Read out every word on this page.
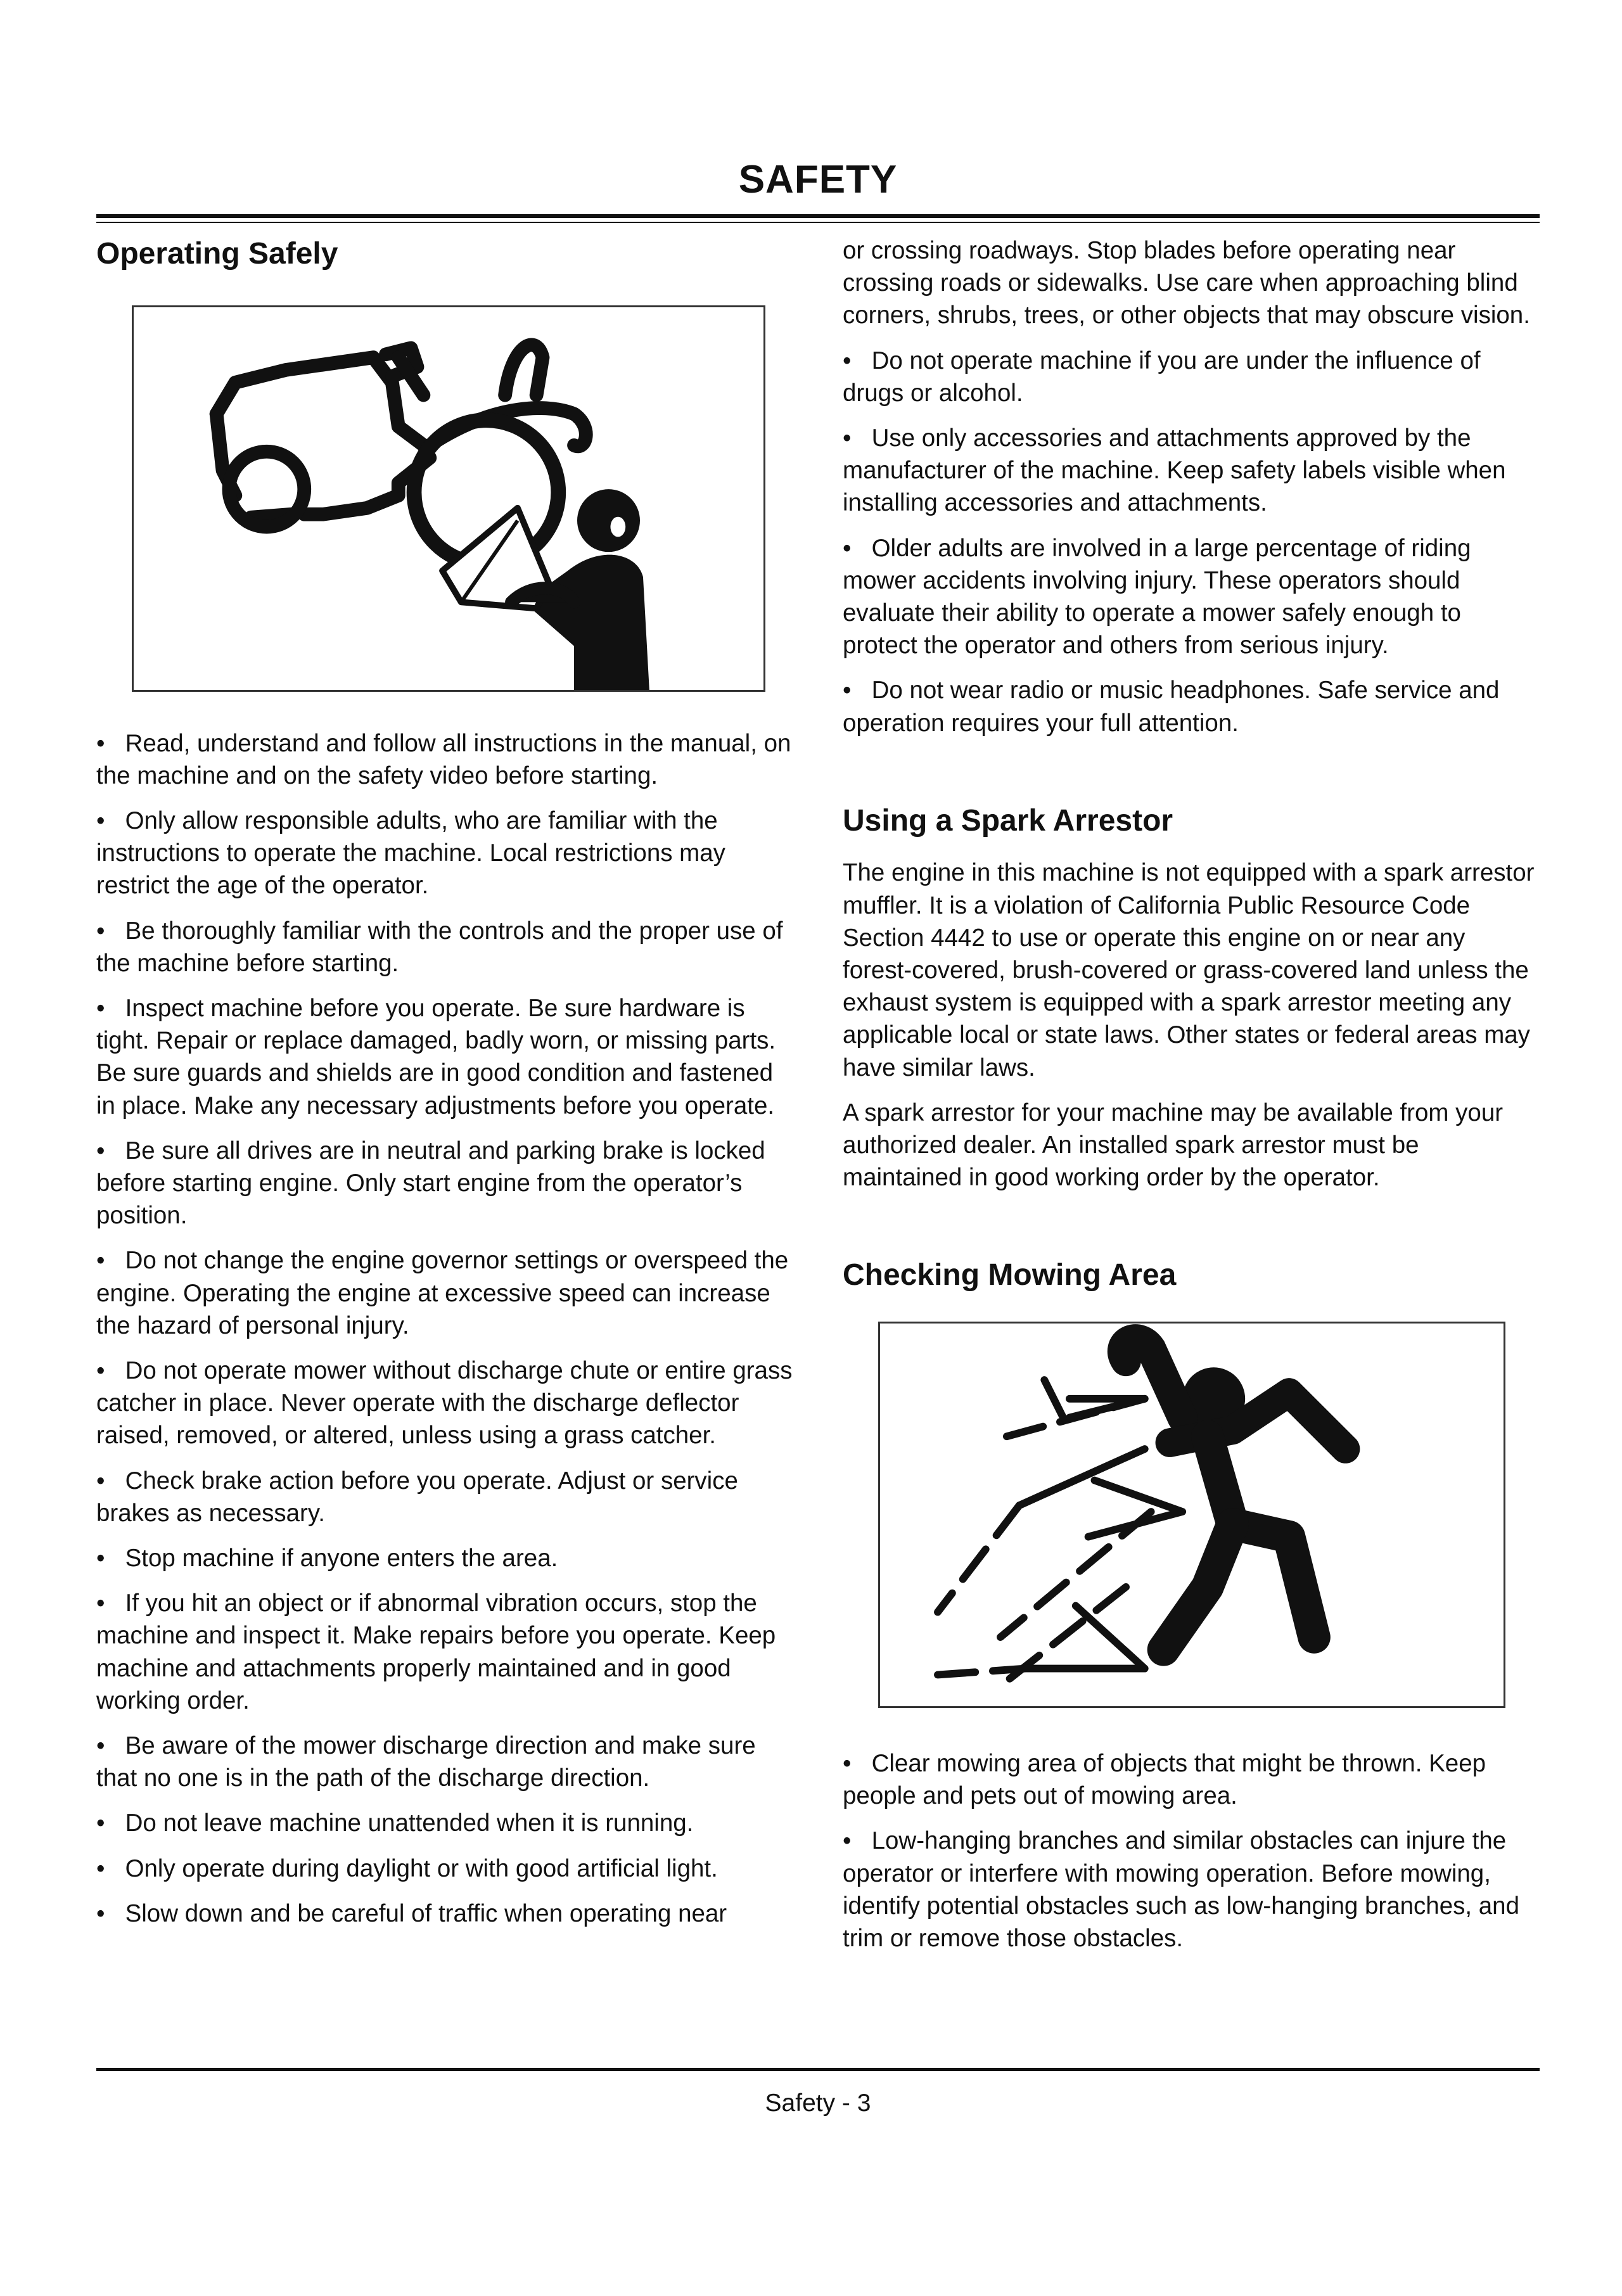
SAFETY
Operating Safely

•   Read, understand and follow all instructions in the manual, on the machine and on the safety video before starting.

•   Only allow responsible adults, who are familiar with the instructions to operate the machine. Local restrictions may restrict the age of the operator.

•   Be thoroughly familiar with the controls and the proper use of the machine before starting.

•   Inspect machine before you operate. Be sure hardware is tight. Repair or replace damaged, badly worn, or missing parts. Be sure guards and shields are in good condition and fastened in place. Make any necessary adjustments before you operate.

•   Be sure all drives are in neutral and parking brake is locked before starting engine. Only start engine from the operator’s position.

•   Do not change the engine governor settings or overspeed the engine. Operating the engine at excessive speed can increase the hazard of personal injury.

•   Do not operate mower without discharge chute or entire grass catcher in place. Never operate with the discharge deflector raised, removed, or altered, unless using a grass catcher.

•   Check brake action before you operate. Adjust or service brakes as necessary.

•   Stop machine if anyone enters the area.

•   If you hit an object or if abnormal vibration occurs, stop the machine and inspect it. Make repairs before you operate. Keep machine and attachments properly maintained and in good working order.

•   Be aware of the mower discharge direction and make sure that no one is in the path of the discharge direction.

•   Do not leave machine unattended when it is running.

•   Only operate during daylight or with good artificial light.

•   Slow down and be careful of traffic when operating near

or crossing roadways. Stop blades before operating near crossing roads or sidewalks. Use care when approaching blind corners, shrubs, trees, or other objects that may obscure vision.

•   Do not operate machine if you are under the influence of drugs or alcohol.

•   Use only accessories and attachments approved by the manufacturer of the machine. Keep safety labels visible when installing accessories and attachments.

•   Older adults are involved in a large percentage of riding mower accidents involving injury. These operators should evaluate their ability to operate a mower safely enough to protect the operator and others from serious injury.

•   Do not wear radio or music headphones. Safe service and operation requires your full attention.

Using a Spark Arrestor

The engine in this machine is not equipped with a spark arrestor muffler. It is a violation of California Public Resource Code Section 4442 to use or operate this engine on or near any forest-covered, brush-covered or grass-covered land unless the exhaust system is equipped with a spark arrestor meeting any applicable local or state laws. Other states or federal areas may have similar laws.

A spark arrestor for your machine may be available from your authorized dealer. An installed spark arrestor must be maintained in good working order by the operator.

Checking Mowing Area

•   Clear mowing area of objects that might be thrown. Keep people and pets out of mowing area.

•   Low-hanging branches and similar obstacles can injure the operator or interfere with mowing operation. Before mowing, identify potential obstacles such as low-hanging branches, and trim or remove those obstacles.

Safety - 3
